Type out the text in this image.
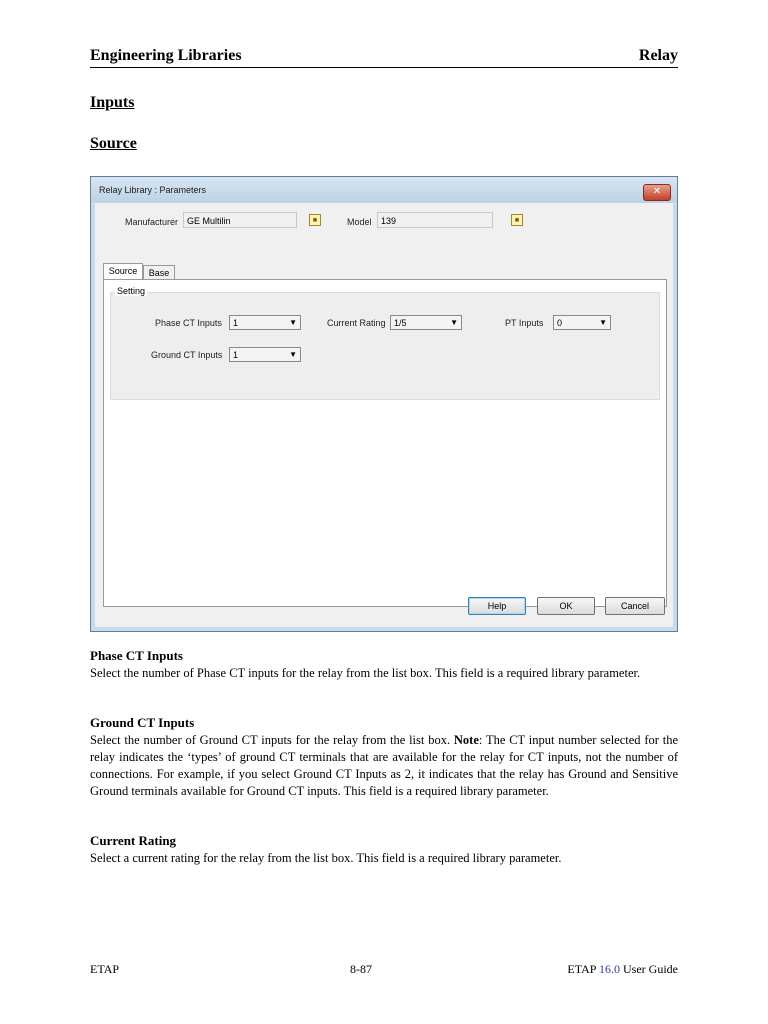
Engineering Libraries	Relay
Inputs
Source
Relay Library : Parameters	✕
Manufacturer GE Multilin	■	Model	139	■
Source	Base
Setting
Phase CT Inputs 1	▼	Current Rating 1/5	▼	PT Inputs 0	▼
Ground CT Inputs 1	▼
Help	OK	Cancel
Phase CT Inputs
Select the number of Phase CT inputs for the relay from the list box. This field is a required library parameter.
Ground CT Inputs
Select the number of Ground CT inputs for the relay from the list box. Note: The CT input number selected for the relay indicates the ‘types’ of ground CT terminals that are available for the relay for CT inputs, not the number of connections. For example, if you select Ground CT Inputs as 2, it indicates that the relay has Ground and Sensitive Ground terminals available for Ground CT inputs. This field is a required library parameter.
Current Rating
Select a current rating for the relay from the list box. This field is a required library parameter.
ETAP	8-87	ETAP 16.0 User Guide
